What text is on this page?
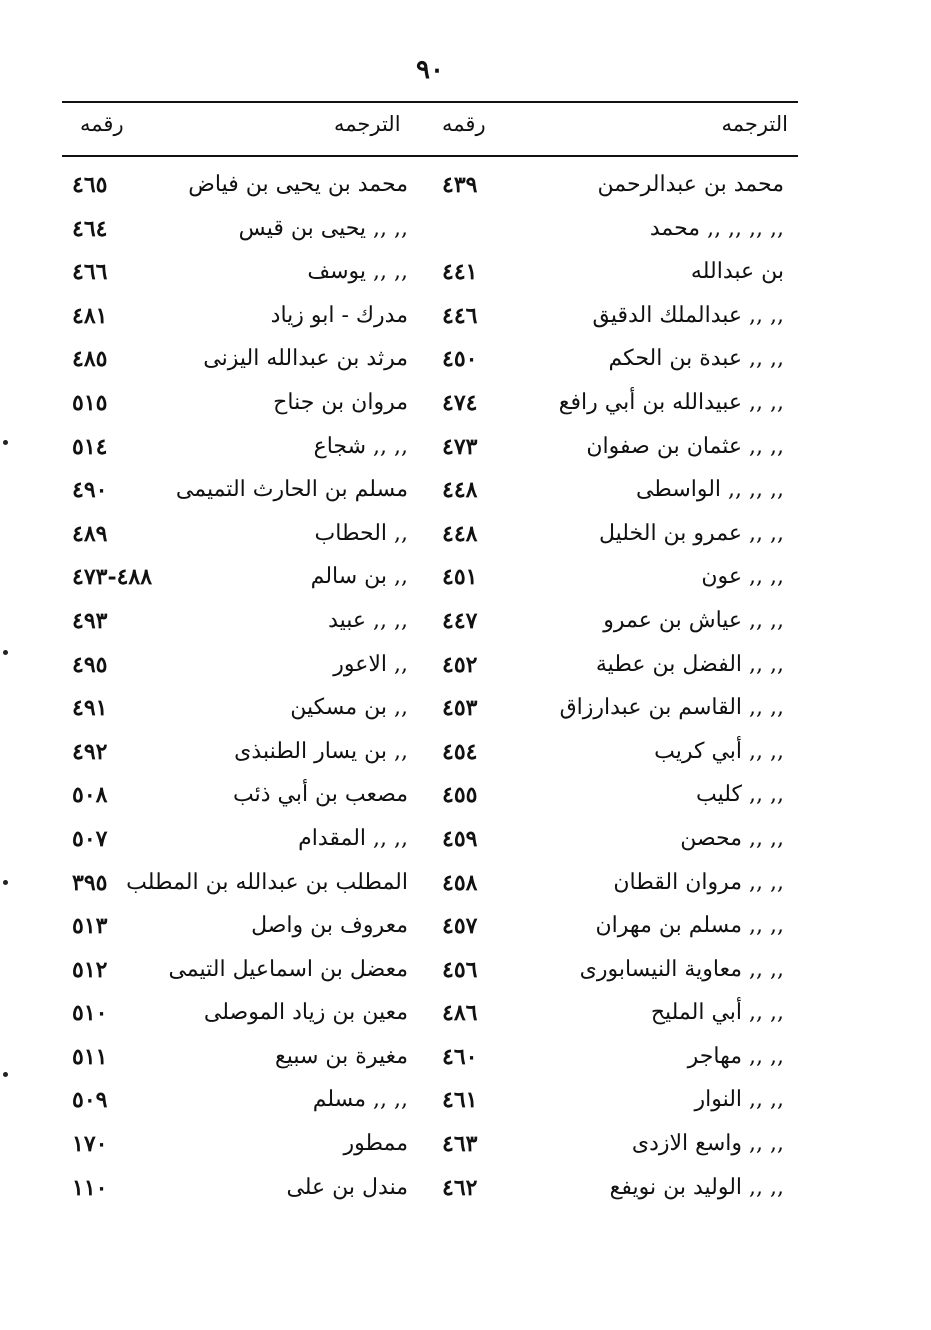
٩٠
الترجمه
رقمه
الترجمه
رقمه
محمد بن عبدالرحمن
٤٣٩
محمد بن يحيى بن فياض
٤٦٥
,, ,, ,, ,, محمد
,, ,, يحيى بن قيس
٤٦٤
بن عبدالله
٤٤١
,, ,, يوسف
٤٦٦
,, ,, عبدالملك الدقيق
٤٤٦
مدرك - ابو زياد
٤٨١
,, ,, عبدة بن الحكم
٤٥٠
مرثد بن عبدالله اليزنى
٤٨٥
,, ,, عبيدالله بن أبي رافع
٤٧٤
مروان بن جناح
٥١٥
,, ,, عثمان بن صفوان
٤٧٣
,, ,, شجاع
٥١٤
,, ,, ,, الواسطى
٤٤٨
مسلم بن الحارث التميمى
٤٩٠
,, ,, عمرو بن الخليل
٤٤٨
,, الحطاب
٤٨٩
,, ,, عون
٤٥١
,, بن سالم
٤٨٨-٤٧٣
,, ,, عياش بن عمرو
٤٤٧
,, ,, عبيد
٤٩٣
,, ,, الفضل بن عطية
٤٥٢
,, الاعور
٤٩٥
,, ,, القاسم بن عبدارزاق
٤٥٣
,, بن مسكين
٤٩١
,, ,, أبي كريب
٤٥٤
,, بن يسار الطنبذى
٤٩٢
,, ,, كليب
٤٥٥
مصعب بن أبي ذئب
٥٠٨
,, ,, محصن
٤٥٩
,, ,, المقدام
٥٠٧
,, ,, مروان القطان
٤٥٨
المطلب بن عبدالله بن المطلب
٣٩٥
,, ,, مسلم بن مهران
٤٥٧
معروف بن واصل
٥١٣
,, ,, معاوية النيسابورى
٤٥٦
معضل بن اسماعيل التيمى
٥١٢
,, ,, أبي المليح
٤٨٦
معين بن زياد الموصلى
٥١٠
,, ,, مهاجر
٤٦٠
مغيرة بن سبيع
٥١١
,, ,, النوار
٤٦١
,, ,, مسلم
٥٠٩
,, ,, واسع الازدى
٤٦٣
ممطور
١٧٠
,, ,, الوليد بن نويفع
٤٦٢
مندل بن على
١١٠
